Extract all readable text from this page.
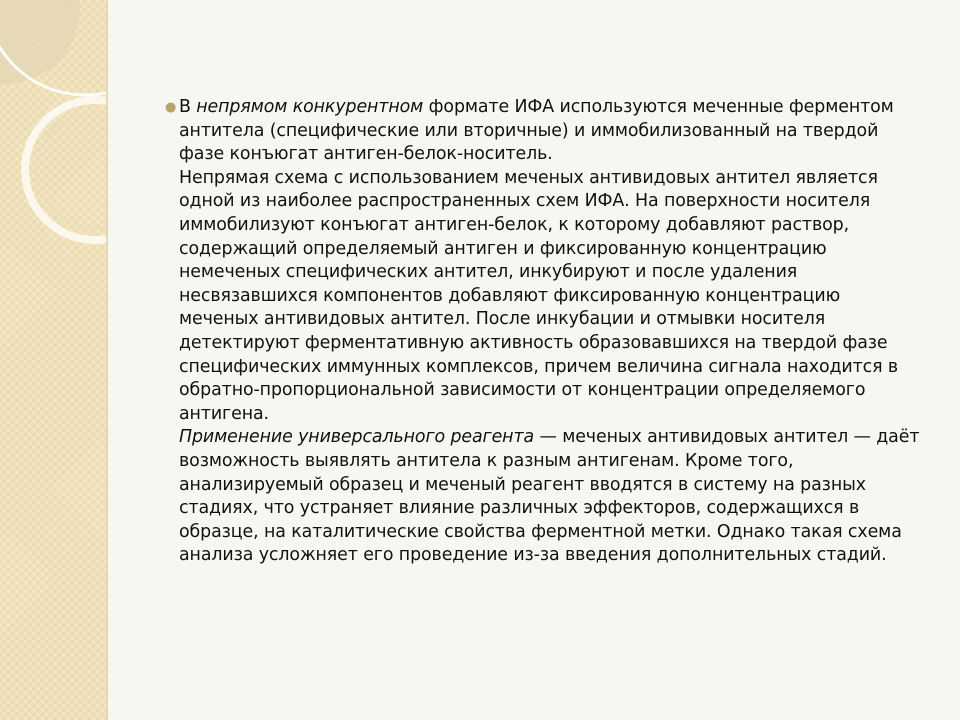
● В непрямом конкурентном формате ИФА используются меченные ферментом антитела (специфические или вторичные) и иммобилизованный на твердой фазе конъюгат антиген-белок-носитель.

Непрямая схема с использованием меченых антивидовых антител является одной из наиболее распространенных схем ИФА. На поверхности носителя иммобилизуют конъюгат антиген-белок, к которому добавляют раствор, содержащий определяемый антиген и фиксированную концентрацию немеченых специфических антител, инкубируют и после удаления несвязавшихся компонентов добавляют фиксированную концентрацию меченых антивидовых антител. После инкубации и отмывки носителя детектируют ферментативную активность образовавшихся на твердой фазе специфических иммунных комплексов, причем величина сигнала находится в обратно-пропорциональной зависимости от концентрации определяемого антигена.

Применение универсального реагента — меченых антивидовых антител — даёт возможность выявлять антитела к разным антигенам. Кроме того, анализируемый образец и меченый реагент вводятся в систему на разных стадиях, что устраняет влияние различных эффекторов, содержащихся в образце, на каталитические свойства ферментной метки. Однако такая схема анализа усложняет его проведение из-за введения дополнительных стадий.
